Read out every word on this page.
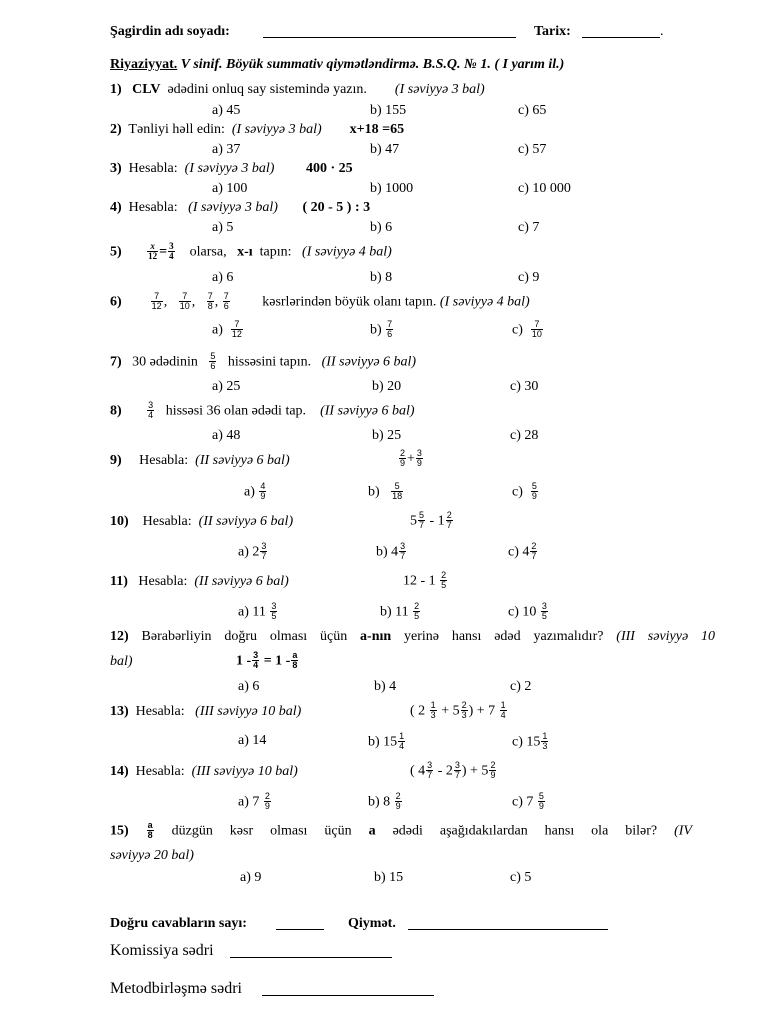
Şagirdin adı soyadı:	Tarix:	.
Riyaziyyat. V sinif. Böyük summativ qiymətləndirmə. B.S.Q. № 1. ( I yarım il.)
1) CLV ədədini onluq say sistemində yazın. (I səviyyə 3 bal)
a) 45	b) 155	c) 65
2) Tənliyi həll edin: (I səviyyə 3 bal) x+18 =65
a) 37	b) 47	c) 57
3) Hesabla: (I səviyyə 3 bal) 400 · 25
a) 100	b) 1000	c) 10 000
4) Hesabla: (I səviyyə 3 bal) ( 20 - 5 ) : 3
a) 5	b) 6	c) 7
5)	$\frac{x}{12} = \frac{3}{4}$ olarsa, x-ı tapın: (I səviyyə 4 bal)
a) 6	b) 8	c) 9
6)	$\frac{7}{12}$ , $\frac{7}{10}$ , $\frac{7}{8}$ , $\frac{7}{6}$ kəsrlərindən böyük olanı tapın. (I səviyyə 4 bal)
$a) \frac{7}{12}$	$b) \frac{7}{6}$	$c) \frac{7}{10}$
7) 30 ədədinin $\frac{5}{6}$ hissəsini tapın. (II səviyyə 6 bal)
a) 25	b) 20	c) 30
8)	$\frac{3}{4}$ hissəsi 36 olan ədədi tap. (II səviyyə 6 bal)
a) 48	b) 25	c) 28
9) Hesabla: (II səviyyə 6 bal)	$\frac{2}{9} + \frac{3}{9}$
$a) \frac{4}{9}$	$b) \frac{5}{18}$	$c) \frac{5}{9}$
10) Hesabla: (II səviyyə 6 bal)	$5 \frac{5}{7} - 1 \frac{2}{7}$
a) $2 \frac{3}{7}$	b) $4 \frac{3}{7}$	c) $4 \frac{2}{7}$
11) Hesabla: (II səviyyə 6 bal)	$12 - 1 \frac{2}{5}$
a) $11 \frac{3}{5}$	b) $11 \frac{2}{5}$	c) $10 \frac{3}{5}$
12) Bərabərliyin doğru olması üçün a-nın yerinə hansı ədəd yazımalıdır? (III səviyyə 10
bal)	$1 - \frac{3}{4} = 1 - \frac{a}{8}$
a) 6	b) 4	c) 2
13) Hesabla: (III səviyyə 10 bal)	( $2 \frac{1}{3} + 5 \frac{2}{3}$ ) + $7 \frac{1}{4}$
a) 14	b) $15 \frac{1}{4}$	c) $15 \frac{1}{3}$
14) Hesabla: (III səviyyə 10 bal)	( $4 \frac{3}{7} - 2 \frac{3}{7}$ ) + $5 \frac{2}{9}$
a) $7 \frac{2}{9}$	b) $8 \frac{2}{9}$	c) $7 \frac{5}{9}$
$15) \frac{a}{8}$ düzgün kəsr olması üçün a ədədi aşağıdakılardan hansı ola bilər? (IV
səviyyə 20 bal)
a) 9	b) 15	c) 5
Doğru cavabların sayı:	Qiymət.
Komissiya sədri
Metodbirləşmə sədri
